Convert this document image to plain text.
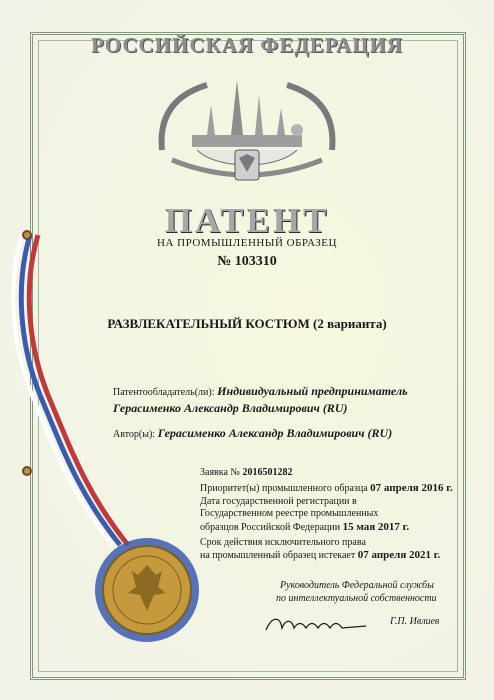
РОССИЙСКАЯ ФЕДЕРАЦИЯ
ПАТЕНТ
НА ПРОМЫШЛЕННЫЙ ОБРАЗЕЦ
№ 103310
РАЗВЛЕКАТЕЛЬНЫЙ КОСТЮМ (2 варианта)
Патентообладатель(ли): Индивидуальный предприниматель
Герасименко Александр Владимирович (RU)
Автор(ы): Герасименко Александр Владимирович (RU)
Заявка № 2016501282
Приоритет(ы) промышленного образца 07 апреля 2016 г.
Дата государственной регистрации в
Государственном реестре промышленных
образцов Российской Федерации 15 мая 2017 г.
Срок действия исключительного права
на промышленный образец истекает 07 апреля 2021 г.
Руководитель Федеральной службы
по интеллектуальной собственности
Г.П. Ивлиев
